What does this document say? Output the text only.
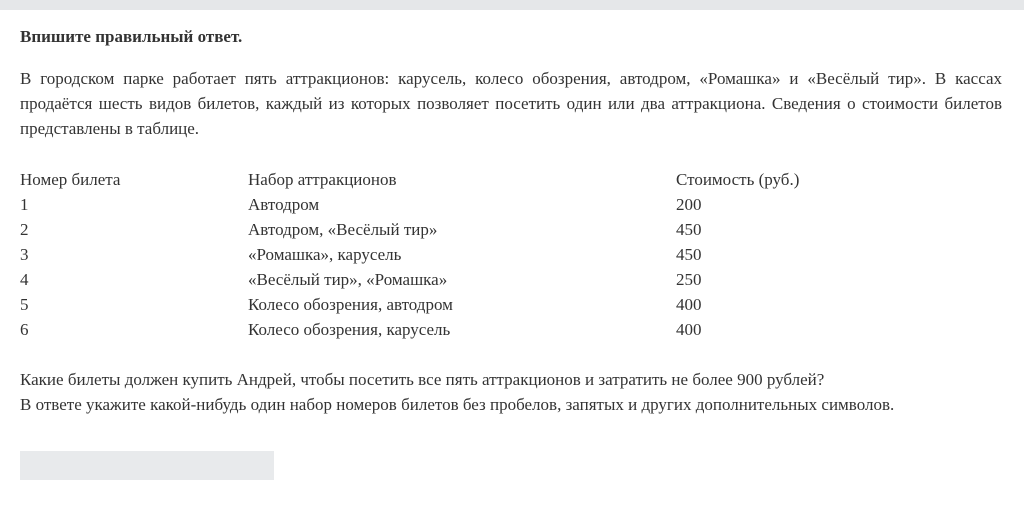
Впишите правильный ответ.

В городском парке работает пять аттракционов: карусель, колесо обозрения, автодром, «Ромашка» и «Весёлый тир». В кассах продаётся шесть видов билетов, каждый из которых позволяет посетить один или два аттракциона. Сведения о стоимости билетов представлены в таблице.

Номер билета	Набор аттракционов	Стоимость (руб.)
1	Автодром	200
2	Автодром, «Весёлый тир»	450
3	«Ромашка», карусель	450
4	«Весёлый тир», «Ромашка»	250
5	Колесо обозрения, автодром	400
6	Колесо обозрения, карусель	400

Какие билеты должен купить Андрей, чтобы посетить все пять аттракционов и затратить не более 900 рублей?
В ответе укажите какой-нибудь один набор номеров билетов без пробелов, запятых и других дополнительных символов.
